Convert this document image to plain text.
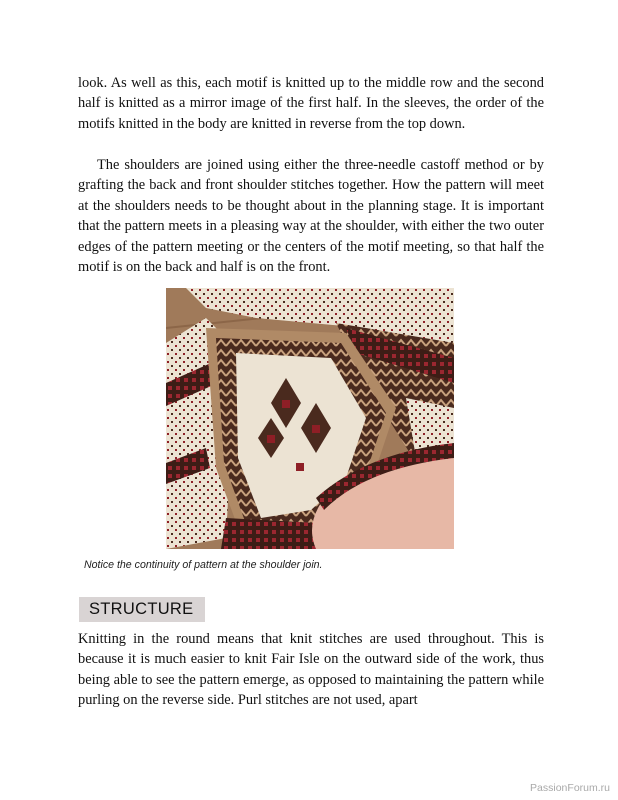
look. As well as this, each motif is knitted up to the middle row and the second half is knitted as a mirror image of the first half. In the sleeves, the order of the motifs knitted in the body are knitted in reverse from the top down.

The shoulders are joined using either the three-needle castoff method or by grafting the back and front shoulder stitches together. How the pattern will meet at the shoulders needs to be thought about in the planning stage. It is important that the pattern meets in a pleasing way at the shoulder, with either the two outer edges of the pattern meeting or the centers of the motif meeting, so that half the motif is on the back and half is on the front.

Notice the continuity of pattern at the shoulder join.
STRUCTURE

Knitting in the round means that knit stitches are used throughout. This is because it is much easier to knit Fair Isle on the outward side of the work, thus being able to see the pattern emerge, as opposed to maintaining the pattern while purling on the reverse side. Purl stitches are not used, apart

PassionForum.ru
